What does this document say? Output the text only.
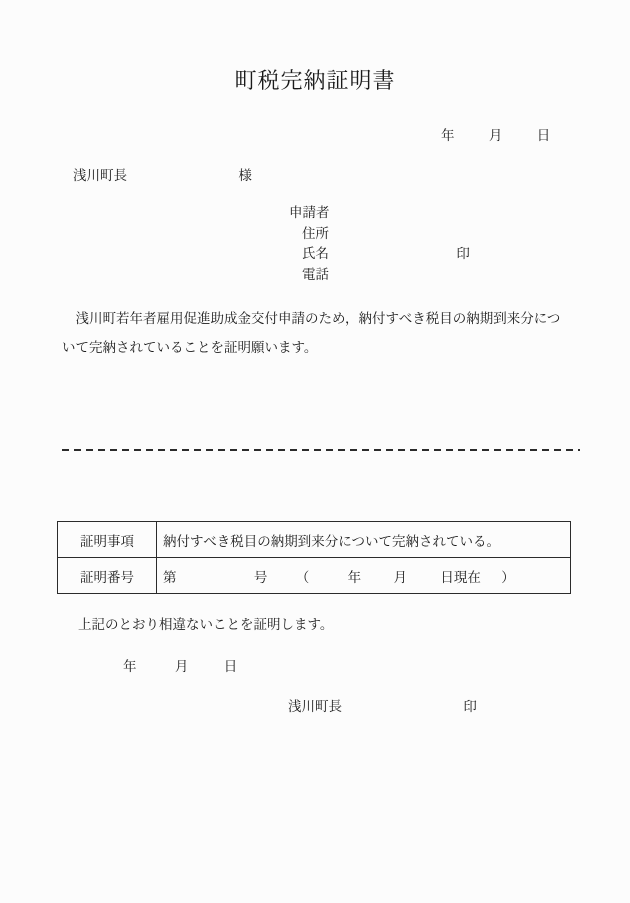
町税完納証明書
年	月	日
浅川町長	様
申請者
住所
氏名	印
電話

浅川町若年者雇用促進助成金交付申請のため，納付すべき税目の納期到来分について完納されていることを証明願います。

証明事項	納付すべき税目の納期到来分について完納されている。
証明番号	第 号 （ 年 月 日現在 ）

上記のとおり相違ないことを証明します。

年	月	日
浅川町長	印
